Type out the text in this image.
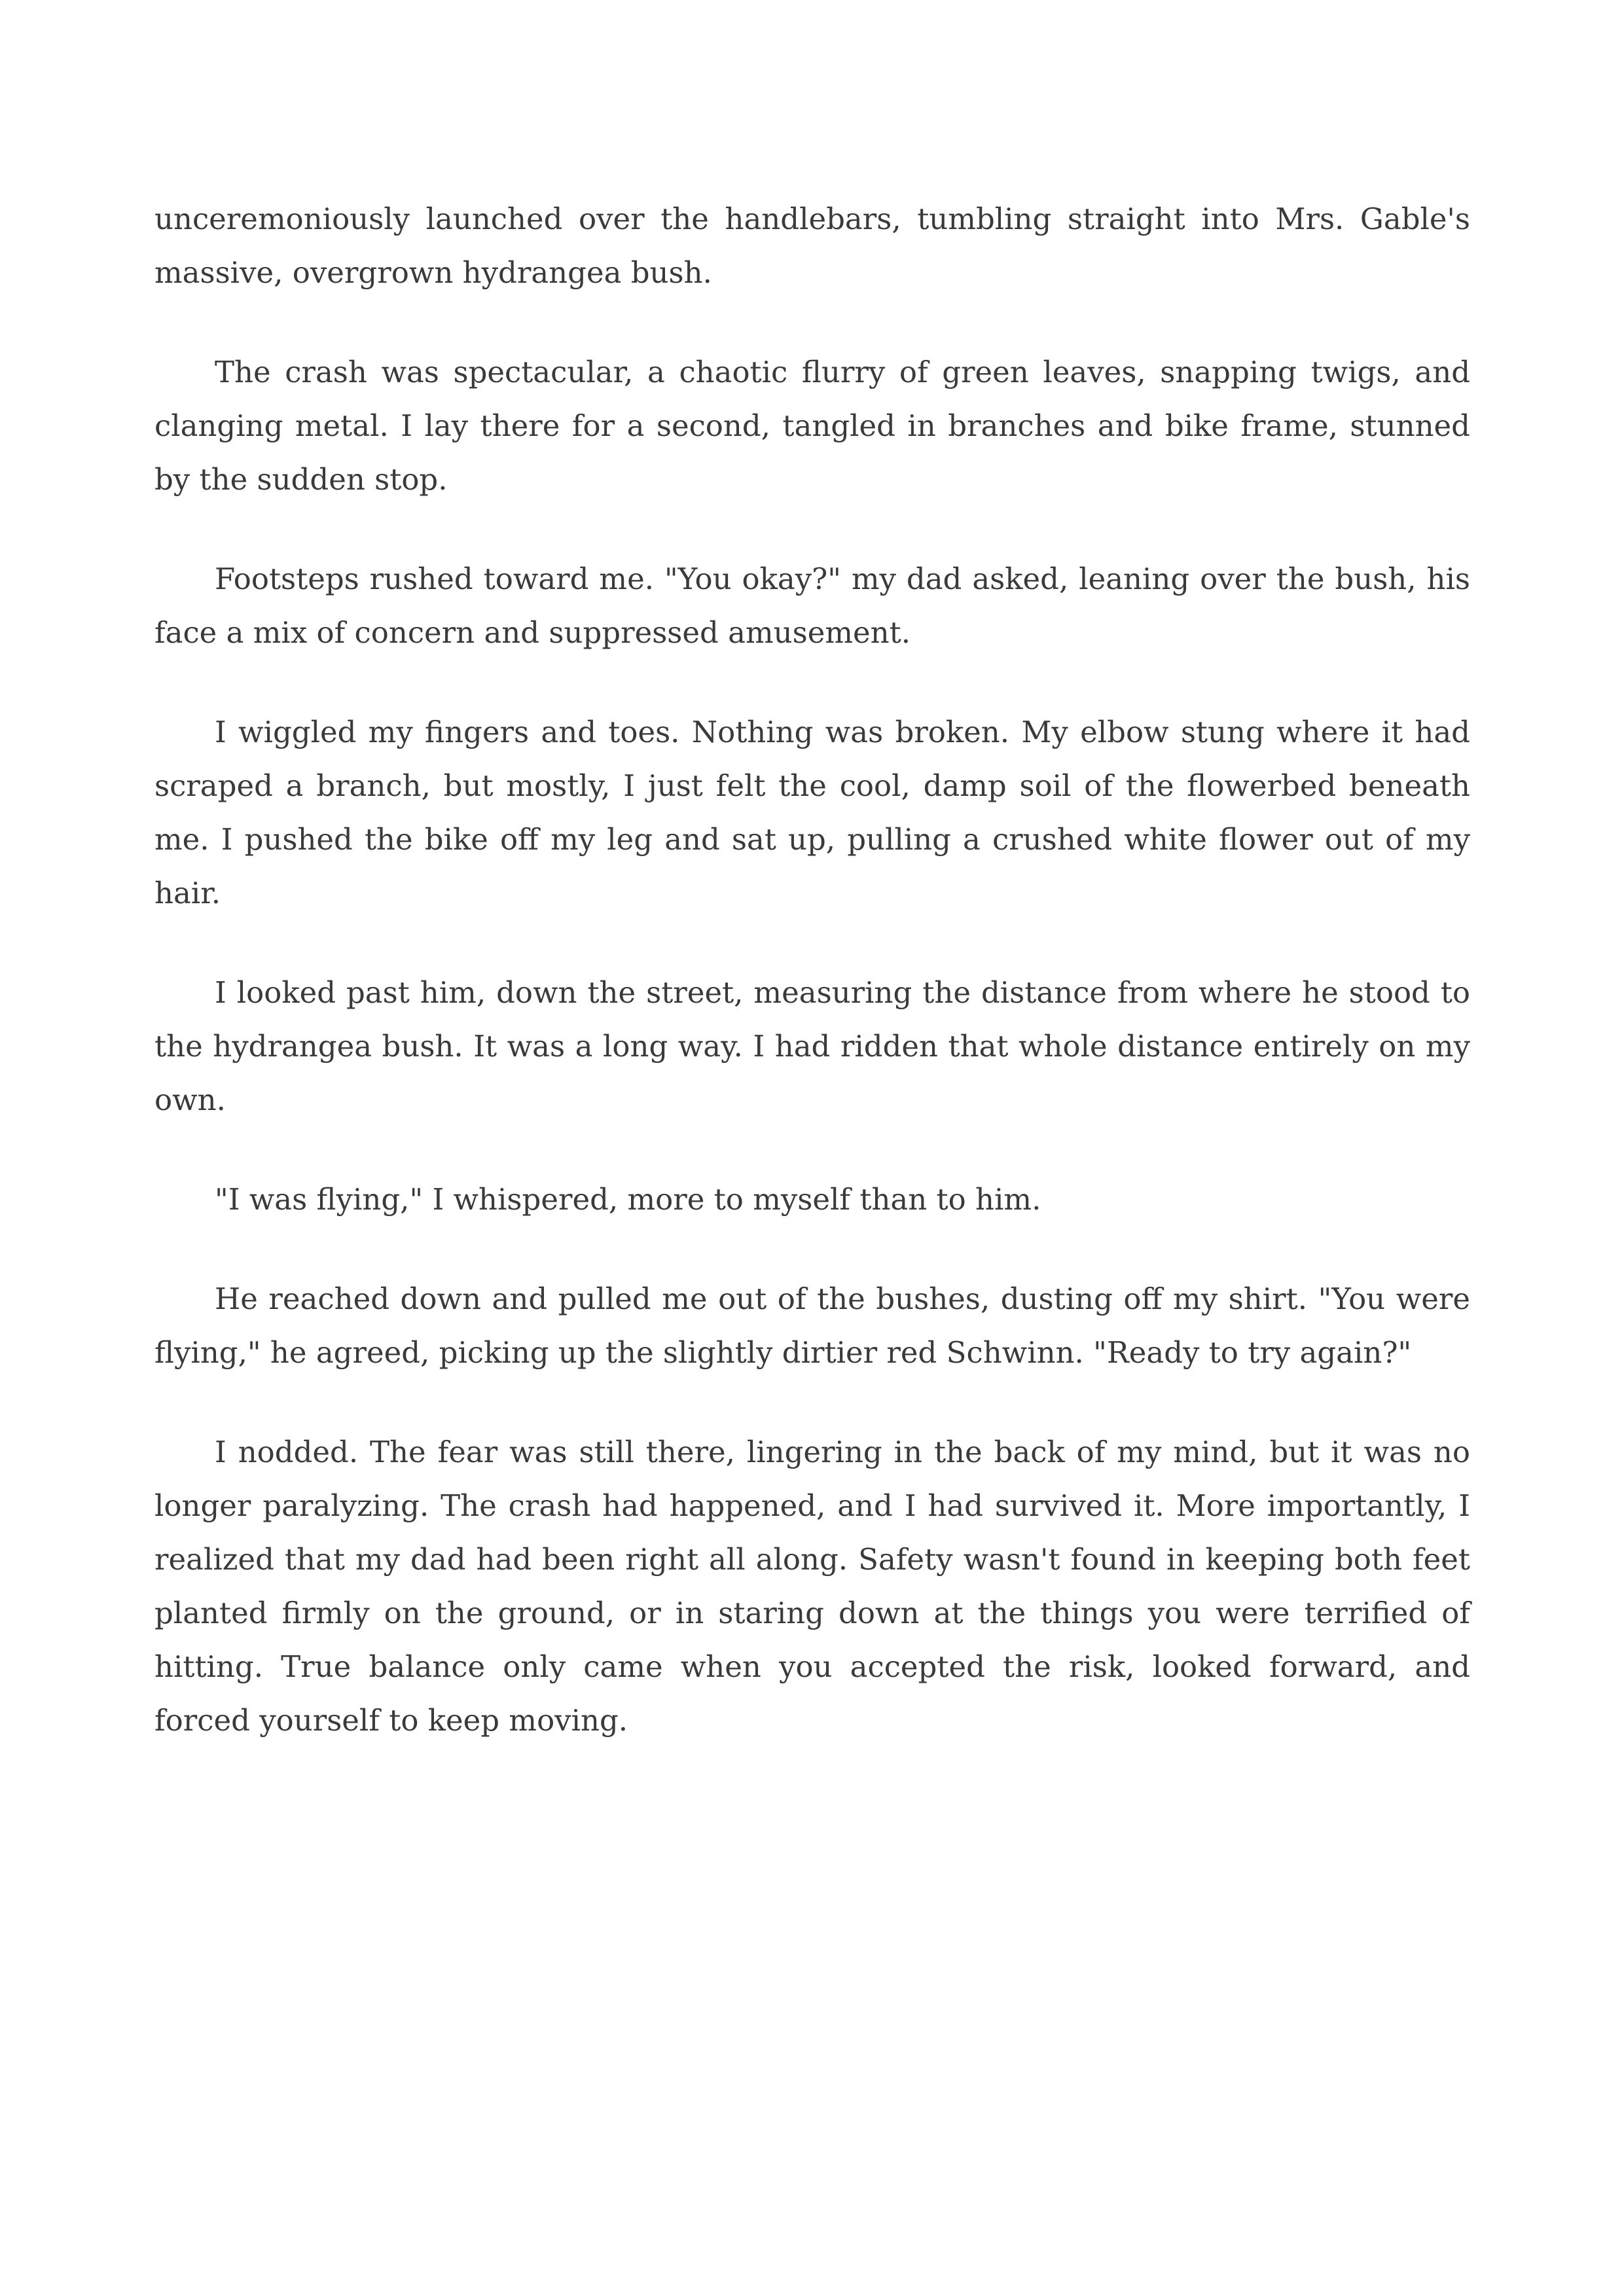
unceremoniously launched over the handlebars, tumbling straight into Mrs. Gable's massive, overgrown hydrangea bush.

The crash was spectacular, a chaotic flurry of green leaves, snapping twigs, and clanging metal. I lay there for a second, tangled in branches and bike frame, stunned by the sudden stop.

Footsteps rushed toward me. "You okay?" my dad asked, leaning over the bush, his face a mix of concern and suppressed amusement.

I wiggled my fingers and toes. Nothing was broken. My elbow stung where it had scraped a branch, but mostly, I just felt the cool, damp soil of the flowerbed beneath me. I pushed the bike off my leg and sat up, pulling a crushed white flower out of my hair.

I looked past him, down the street, measuring the distance from where he stood to the hydrangea bush. It was a long way. I had ridden that whole distance entirely on my own.

"I was flying," I whispered, more to myself than to him.

He reached down and pulled me out of the bushes, dusting off my shirt. "You were flying," he agreed, picking up the slightly dirtier red Schwinn. "Ready to try again?"

I nodded. The fear was still there, lingering in the back of my mind, but it was no longer paralyzing. The crash had happened, and I had survived it. More importantly, I realized that my dad had been right all along. Safety wasn't found in keeping both feet planted firmly on the ground, or in staring down at the things you were terrified of hitting. True balance only came when you accepted the risk, looked forward, and forced yourself to keep moving.
